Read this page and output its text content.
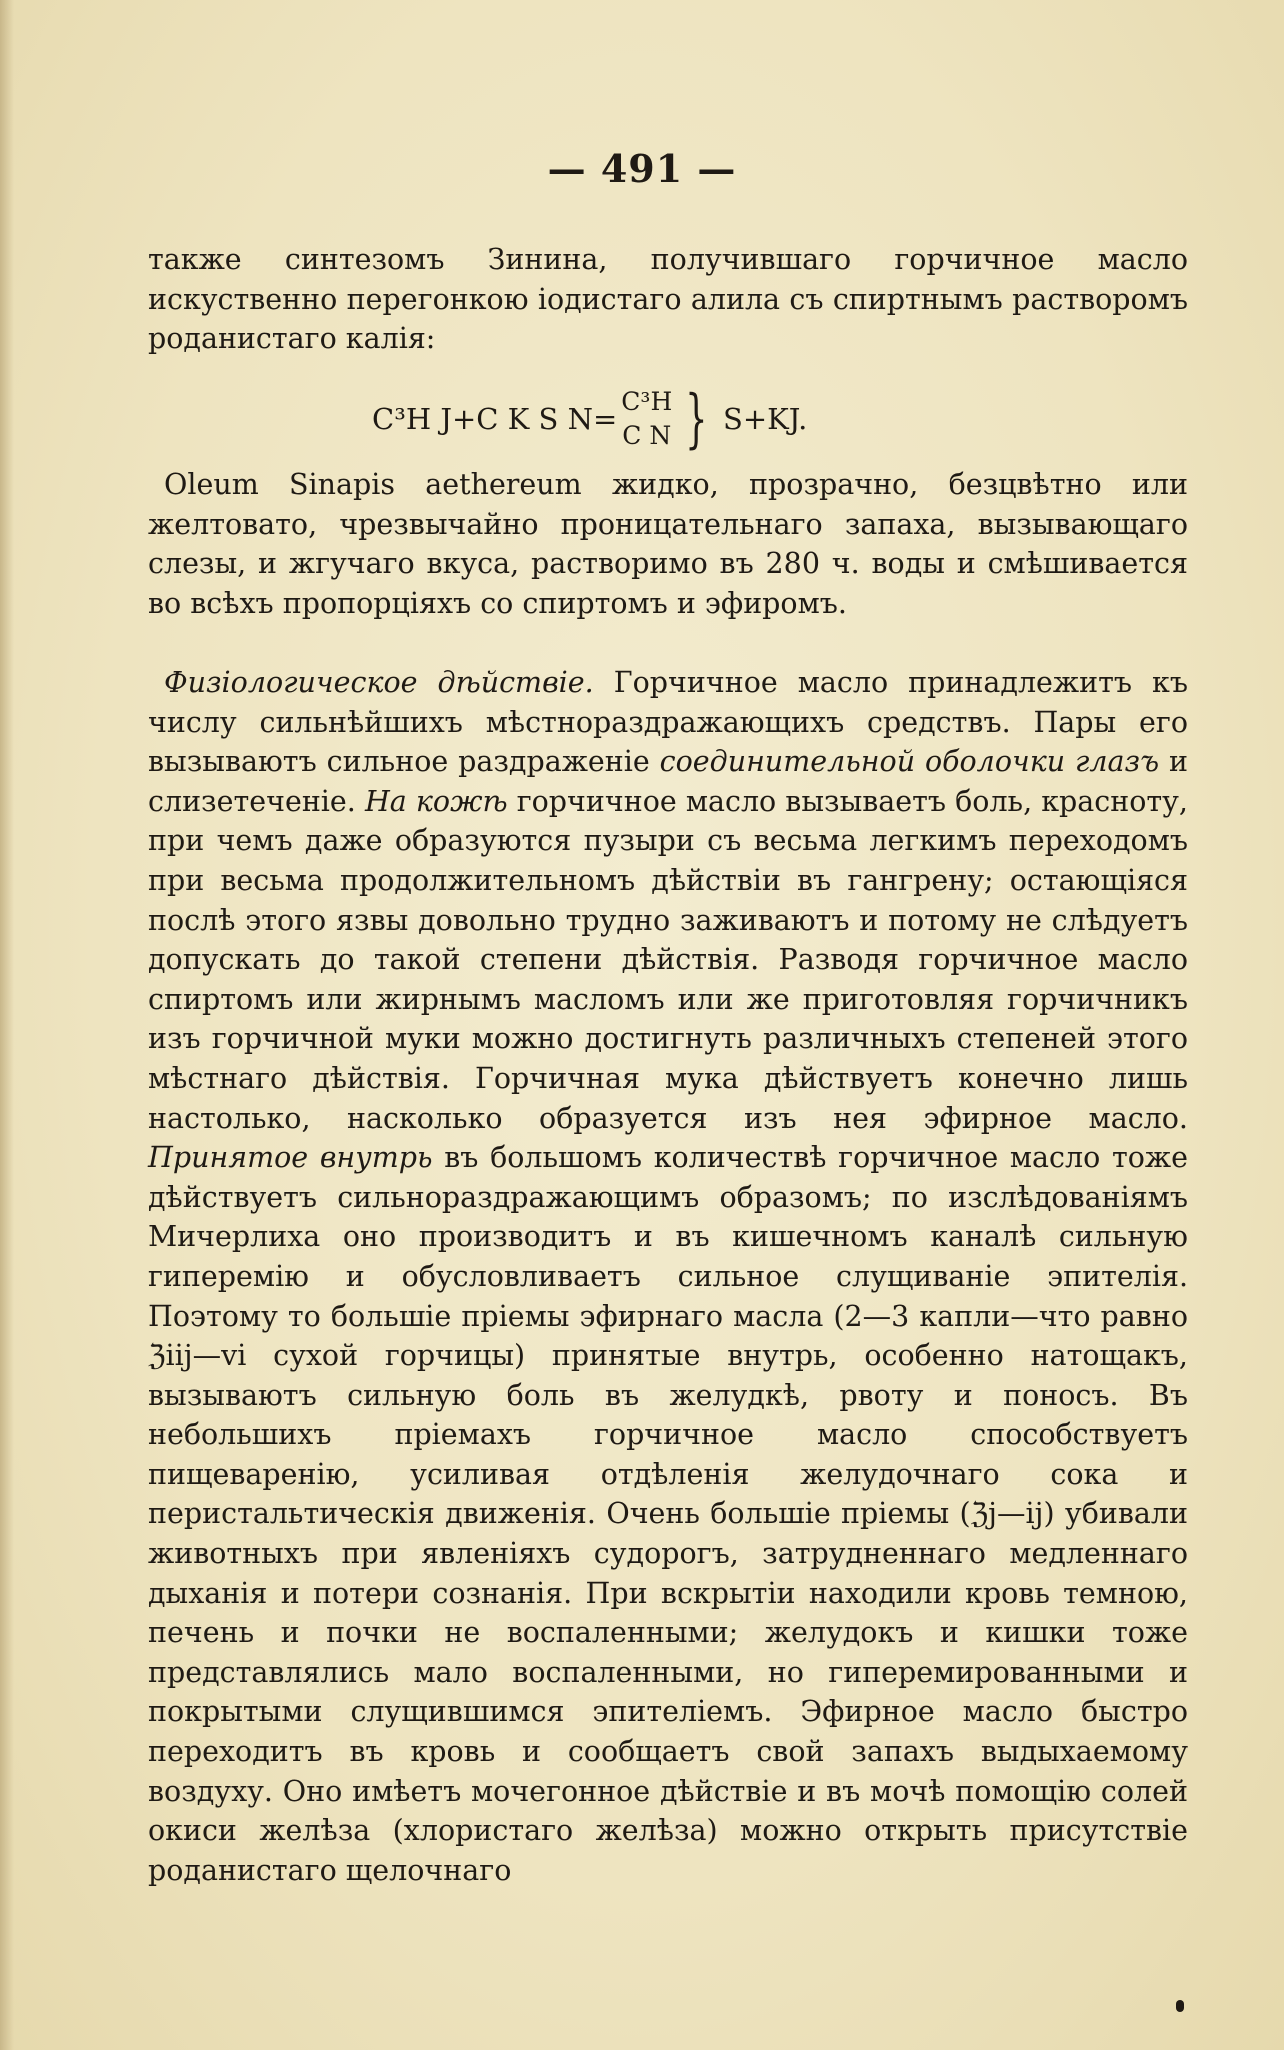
— 491 —
также синтезомъ Зинина, получившаго горчичное масло искуственно перегонкою іодистаго алила съ спиртнымъ растворомъ роданистаго калія:
C³H J+C K S N=
C³H
C N } S+KJ.
Oleum Sinapis aethereum жидко, прозрачно, безцвѣтно или желтовато, чрезвычайно проницательнаго запаха, вызывающаго слезы, и жгучаго вкуса, растворимо въ 280 ч. воды и смѣшивается во всѣхъ пропорціяхъ со спиртомъ и эфиромъ.
Физіологическое дѣйствіе. Горчичное масло принадлежитъ къ числу сильнѣйшихъ мѣстнораздражающихъ средствъ. Пары его вызываютъ сильное раздраженіе соединительной оболочки глазъ и слизетеченіе. На кожѣ горчичное масло вызываетъ боль, красноту, при чемъ даже образуются пузыри съ весьма легкимъ переходомъ при весьма продолжительномъ дѣйствіи въ гангрену; остающіяся послѣ этого язвы довольно трудно заживаютъ и потому не слѣдуетъ допускать до такой степени дѣйствія. Разводя горчичное масло спиртомъ или жирнымъ масломъ или же приготовляя горчичникъ изъ горчичной муки можно достигнуть различныхъ степеней этого мѣстнаго дѣйствія. Горчичная мука дѣйствуетъ конечно лишь настолько, насколько образуется изъ нея эфирное масло. Принятое внутрь въ большомъ количествѣ горчичное масло тоже дѣйствуетъ сильнораздражающимъ образомъ; по изслѣдованіямъ Мичерлиха оно производитъ и въ кишечномъ каналѣ сильную гиперемію и обусловливаетъ сильное слущиваніе эпителія. Поэтому то большіе пріемы эфирнаго масла (2—3 капли—что равно ℨiij—vi сухой горчицы) принятые внутрь, особенно натощакъ, вызываютъ сильную боль въ желудкѣ, рвоту и поносъ. Въ небольшихъ пріемахъ горчичное масло способствуетъ пищеваренію, усиливая отдѣленія желудочнаго сока и перистальтическія движенія. Очень большіе пріемы (ℨj—ij) убивали животныхъ при явленіяхъ судорогъ, затрудненнаго медленнаго дыханія и потери сознанія. При вскрытіи находили кровь темною, печень и почки не воспаленными; желудокъ и кишки тоже представлялись мало воспаленными, но гиперемированными и покрытыми слущившимся эпителіемъ. Эфирное масло быстро переходитъ въ кровь и сообщаетъ свой запахъ выдыхаемому воздуху. Оно имѣетъ мочегонное дѣйствіе и въ мочѣ помощію солей окиси желѣза (хлористаго желѣза) можно открыть присутствіе роданистаго щелочнаго
